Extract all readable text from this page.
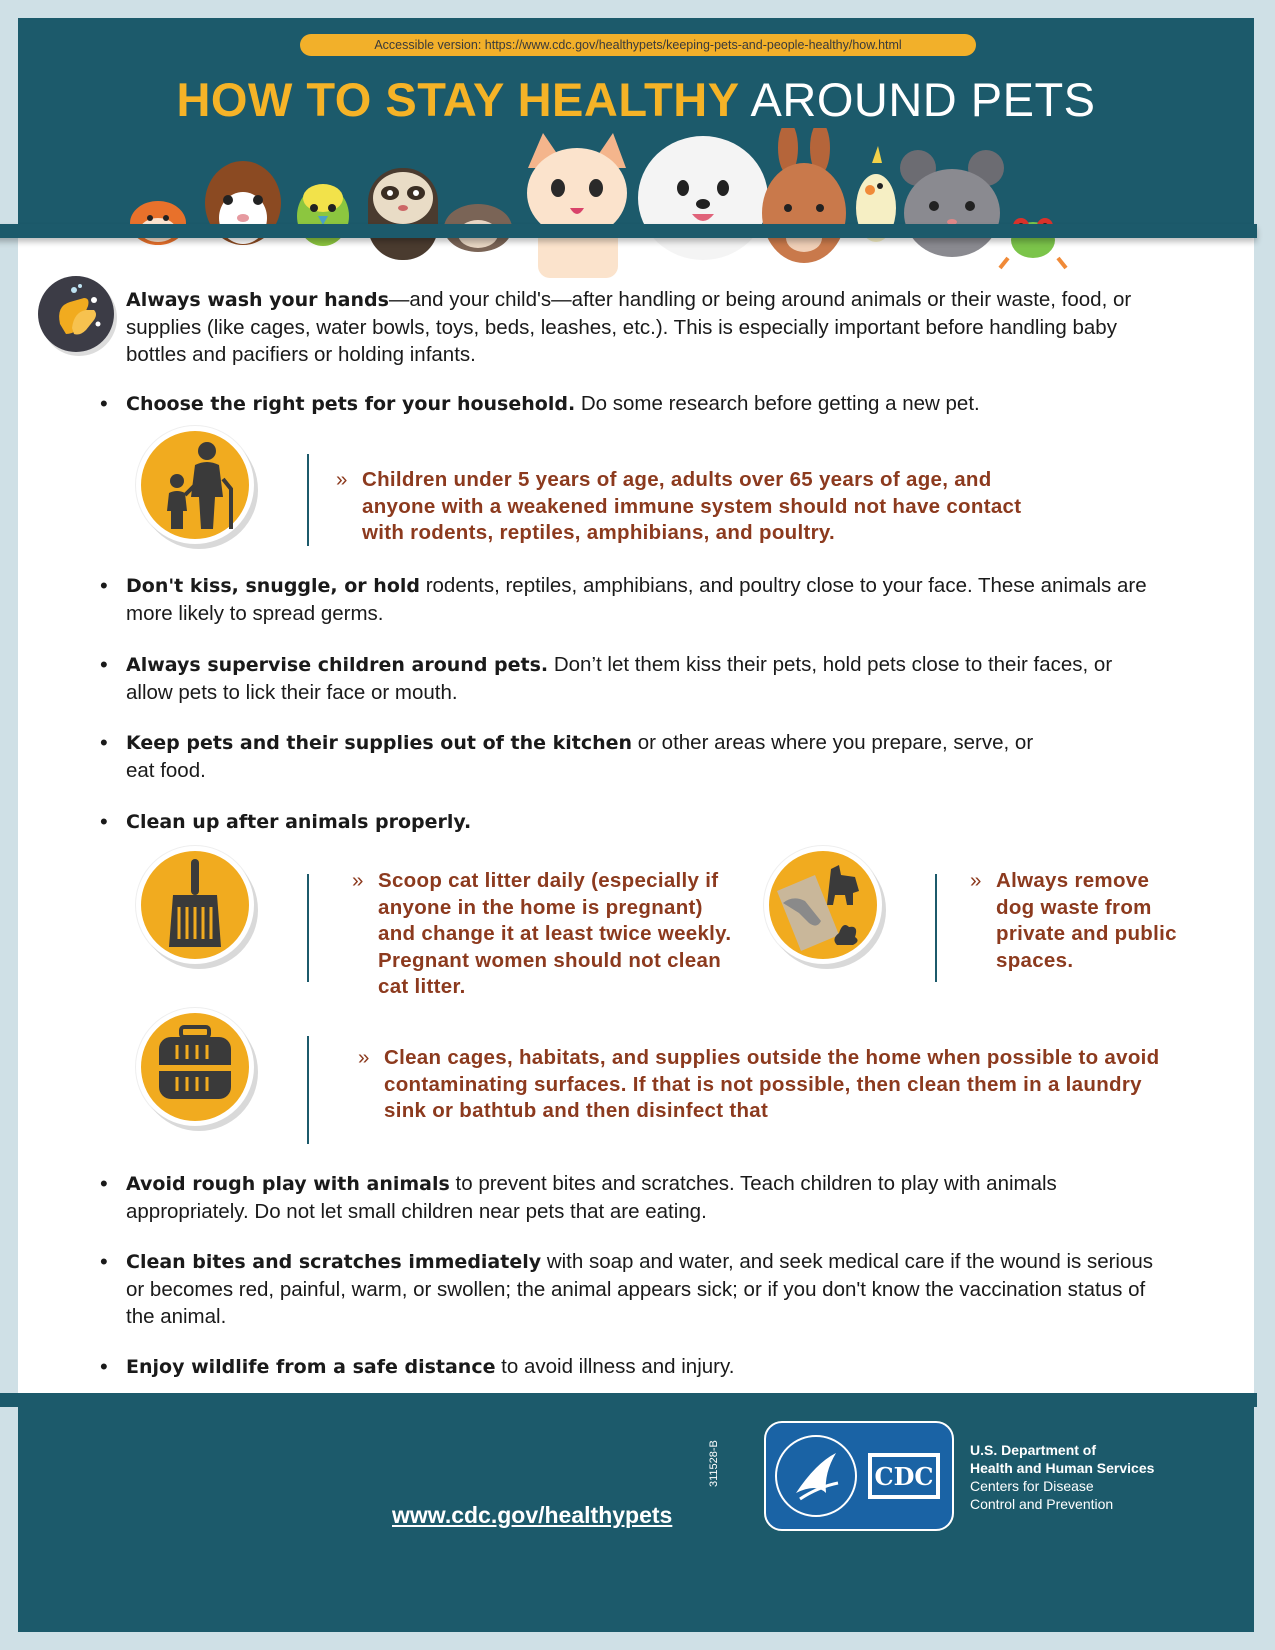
Accessible version: https://www.cdc.gov/healthypets/keeping-pets-and-people-healthy/how.html
HOW TO STAY HEALTHY AROUND PETS
Always wash your hands—and your child's—after handling or being around animals or their waste, food, or supplies (like cages, water bowls, toys, beds, leashes, etc.). This is especially important before handling baby bottles and pacifiers or holding infants.
• Choose the right pets for your household. Do some research before getting a new pet.
» Children under 5 years of age, adults over 65 years of age, and anyone with a weakened immune system should not have contact with rodents, reptiles, amphibians, and poultry.
• Don't kiss, snuggle, or hold rodents, reptiles, amphibians, and poultry close to your face. These animals are more likely to spread germs.
• Always supervise children around pets. Don’t let them kiss their pets, hold pets close to their faces, or allow pets to lick their face or mouth.
• Keep pets and their supplies out of the kitchen or other areas where you prepare, serve, or eat food.
• Clean up after animals properly.
» Scoop cat litter daily (especially if anyone in the home is pregnant) and change it at least twice weekly. Pregnant women should not clean cat litter.
» Always remove dog waste from private and public spaces.
» Clean cages, habitats, and supplies outside the home when possible to avoid contaminating surfaces. If that is not possible, then clean them in a laundry sink or bathtub and then disinfect that
• Avoid rough play with animals to prevent bites and scratches. Teach children to play with animals appropriately. Do not let small children near pets that are eating.
• Clean bites and scratches immediately with soap and water, and seek medical care if the wound is serious or becomes red, painful, warm, or swollen; the animal appears sick; or if you don't know the vaccination status of the animal.
• Enjoy wildlife from a safe distance to avoid illness and injury.
www.cdc.gov/healthypets
311528-B	CDC
U.S. Department of
Health and Human Services
Centers for Disease
Control and Prevention
